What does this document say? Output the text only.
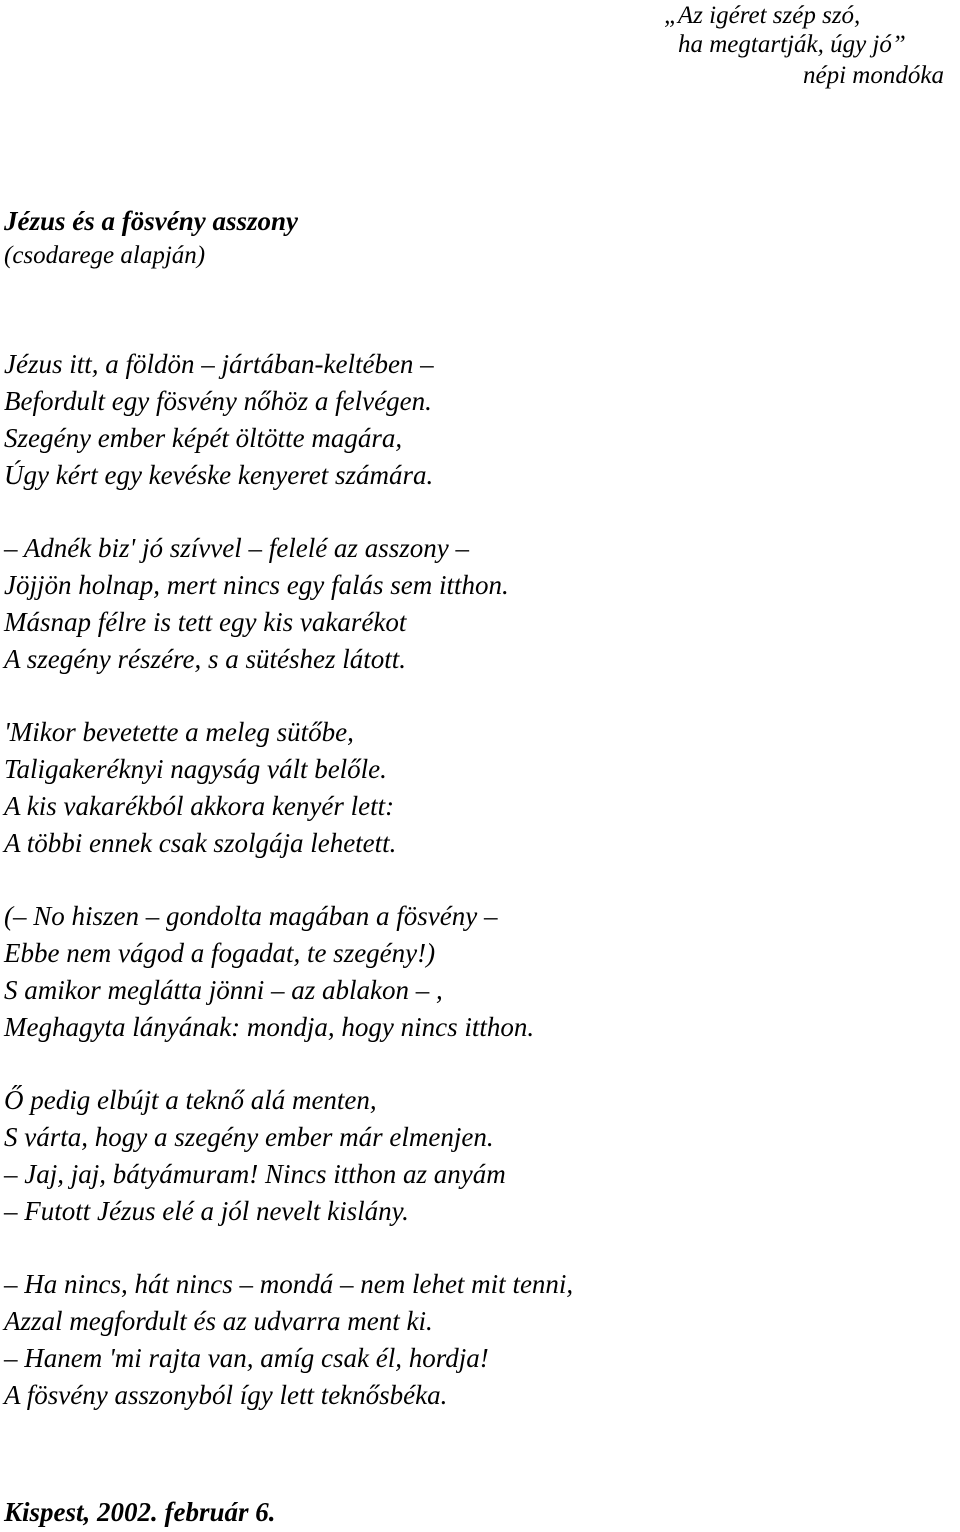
„Az igéret szép szó,
ha megtartják, úgy jó”
népi mondóka
Jézus és a fösvény asszony
(csodarege alapján)
Jézus itt, a földön – jártában-keltében –
Befordult egy fösvény nőhöz a felvégen.
Szegény ember képét öltötte magára,
Úgy kért egy kevéske kenyeret számára.
– Adnék biz' jó szívvel – felelé az asszony –
Jöjjön holnap, mert nincs egy falás sem itthon.
Másnap félre is tett egy kis vakarékot
A szegény részére, s a sütéshez látott.
'Mikor bevetette a meleg sütőbe,
Taligakeréknyi nagyság vált belőle.
A kis vakarékból akkora kenyér lett:
A többi ennek csak szolgája lehetett.
(– No hiszen – gondolta magában a fösvény –
Ebbe nem vágod a fogadat, te szegény!)
S amikor meglátta jönni – az ablakon – ,
Meghagyta lányának: mondja, hogy nincs itthon.
Ő pedig elbújt a teknő alá menten,
S várta, hogy a szegény ember már elmenjen.
– Jaj, jaj, bátyámuram! Nincs itthon az anyám
– Futott Jézus elé a jól nevelt kislány.
– Ha nincs, hát nincs – mondá – nem lehet mit tenni,
Azzal megfordult és az udvarra ment ki.
– Hanem 'mi rajta van, amíg csak él, hordja!
A fösvény asszonyból így lett teknősbéka.
Kispest, 2002. február 6.
